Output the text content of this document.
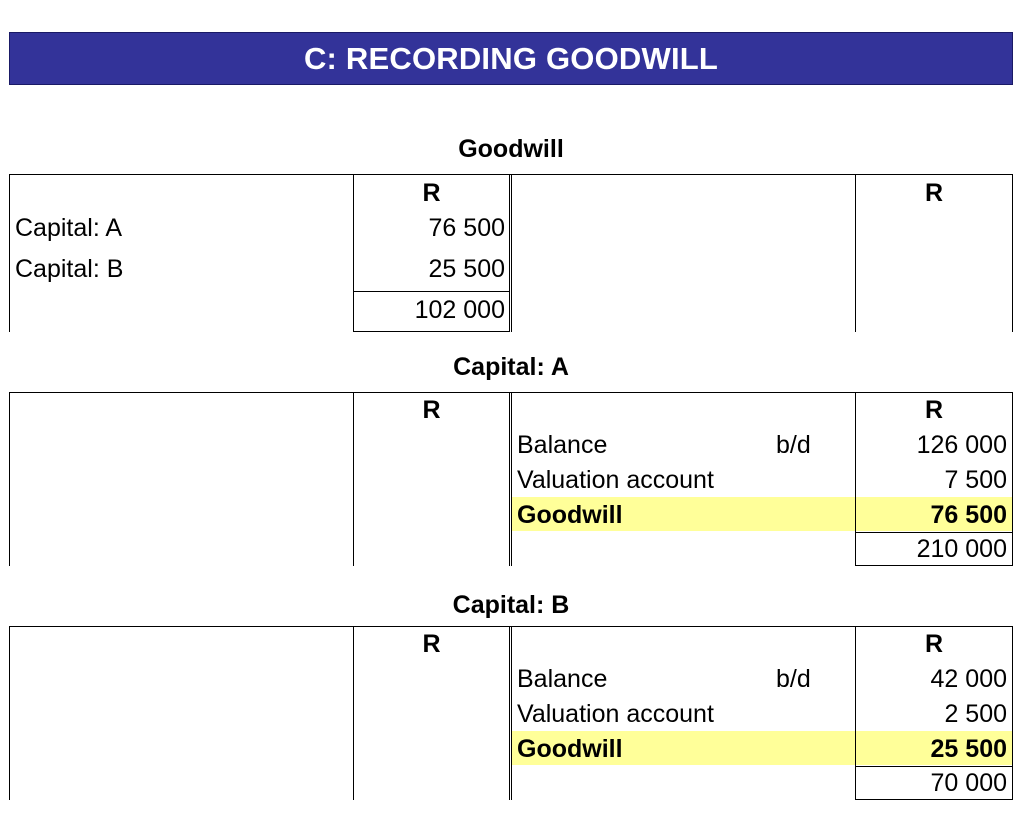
C: RECORDING GOODWILL
Goodwill
R	R
Capital: A	76 500
Capital: B	25 500
102 000
Capital: A
R	R
Balance	b/d	126 000
Valuation account	7 500
Goodwill	76 500
210 000
Capital: B
R	R
Balance	b/d	42 000
Valuation account	2 500
Goodwill	25 500
70 000
